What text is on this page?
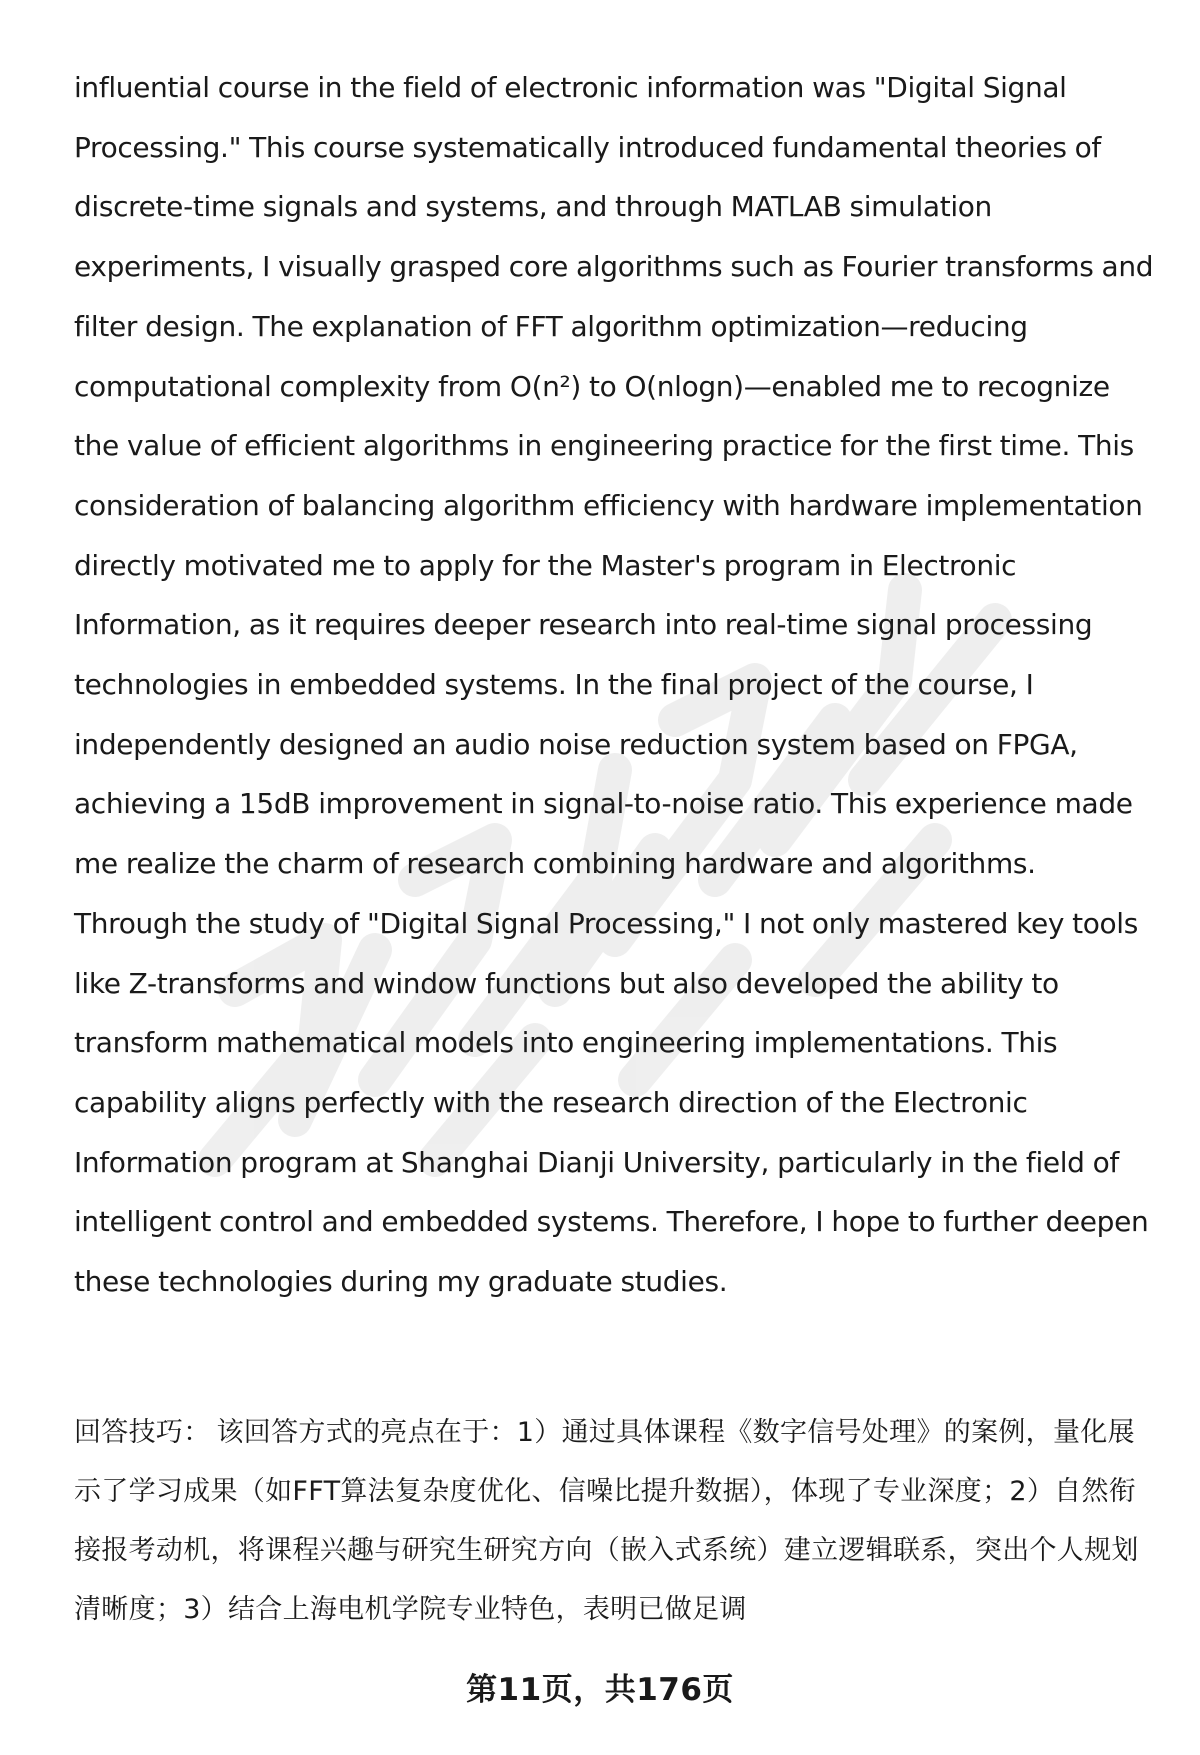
influential course in the field of electronic information was "Digital Signal Processing." This course systematically introduced fundamental theories of discrete-time signals and systems, and through MATLAB simulation experiments, I visually grasped core algorithms such as Fourier transforms and filter design. The explanation of FFT algorithm optimization—reducing computational complexity from O(n²) to O(nlogn)—enabled me to recognize the value of efficient algorithms in engineering practice for the first time. This consideration of balancing algorithm efficiency with hardware implementation directly motivated me to apply for the Master's program in Electronic Information, as it requires deeper research into real-time signal processing technologies in embedded systems. In the final project of the course, I independently designed an audio noise reduction system based on FPGA, achieving a 15dB improvement in signal-to-noise ratio. This experience made me realize the charm of research combining hardware and algorithms. Through the study of "Digital Signal Processing," I not only mastered key tools like Z-transforms and window functions but also developed the ability to transform mathematical models into engineering implementations. This capability aligns perfectly with the research direction of the Electronic Information program at Shanghai Dianji University, particularly in the field of intelligent control and embedded systems. Therefore, I hope to further deepen these technologies during my graduate studies.

回答技巧： 该回答方式的亮点在于：1）通过具体课程《数字信号处理》的案例，量化展示了学习成果（如FFT算法复杂度优化、信噪比提升数据），体现了专业深度；2）自然衔接报考动机，将课程兴趣与研究生研究方向（嵌入式系统）建立逻辑联系，突出个人规划清晰度；3）结合上海电机学院专业特色，表明已做足调

第11页，共176页
